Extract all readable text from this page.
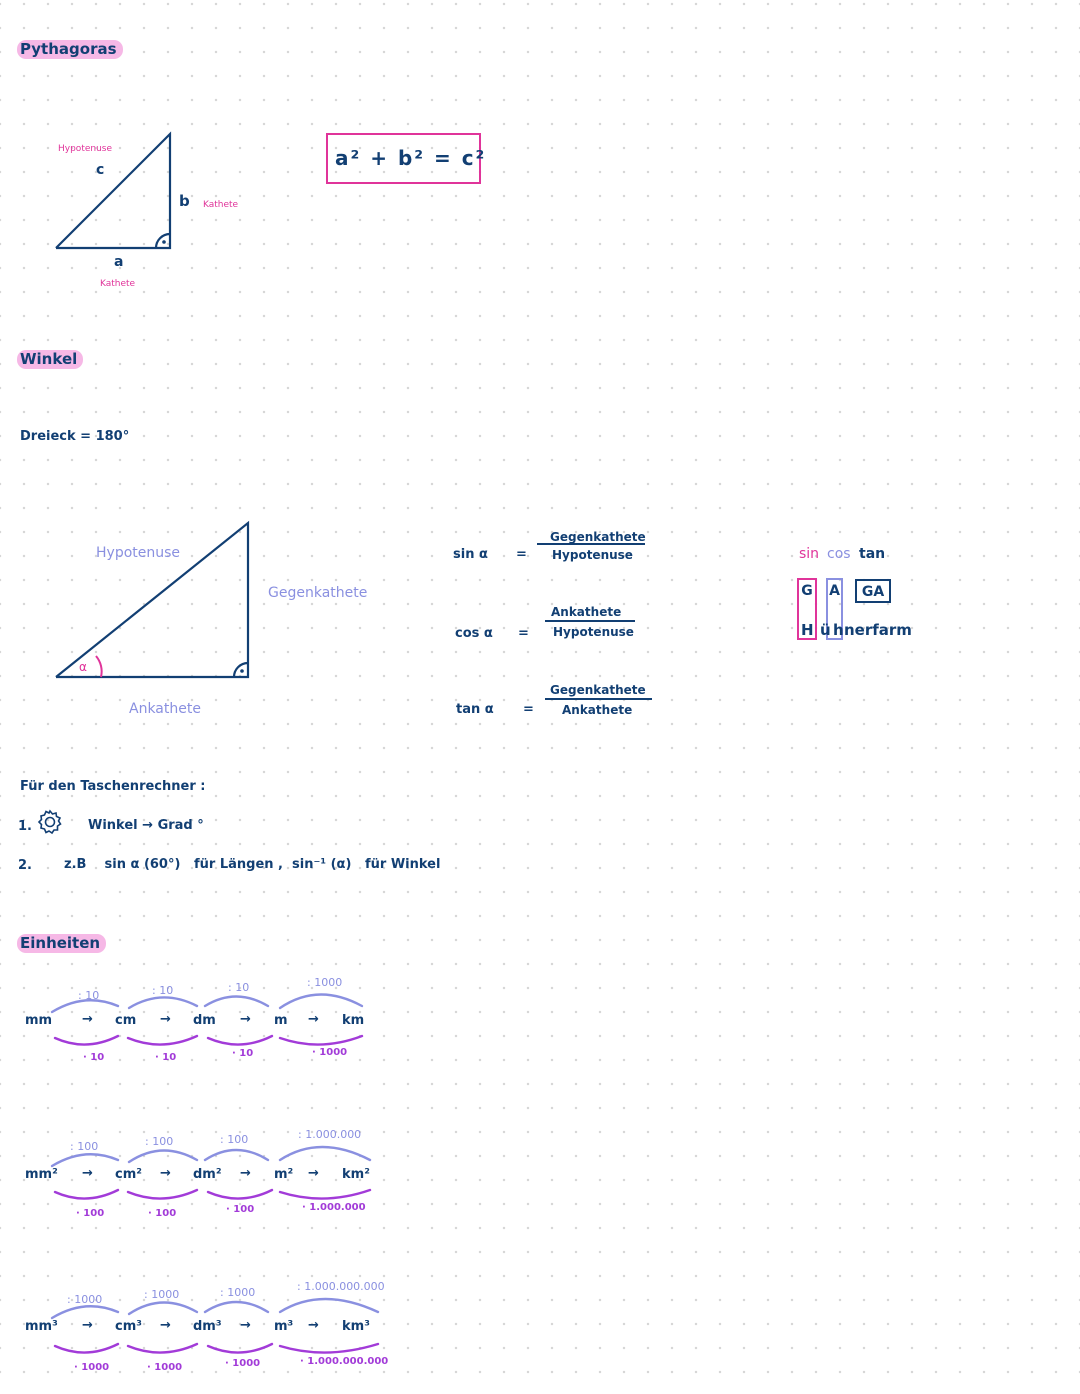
Pythagoras
Winkel
Einheiten
Hypotenuse
c
b Kathete
a
Kathete
a² + b² = c²
Dreieck = 180°
Hypotenuse
Gegenkathete
Ankathete
α
sin α =
Gegenkathete
Hypotenuse
cos α =
Ankathete
Hypotenuse
tan α =
Gegenkathete
Ankathete
sin cos tan
G	A	GA
H ü h nerfarm
Für den Taschenrechner :
1.	Winkel → Grad °
2. z.B    sin α (60°)   für Längen ,  sin⁻¹ (α)   für Winkel
mm → cm → dm → m → km
: 10	: 10	: 10	: 1000
· 10	· 10	· 10	· 1000
mm² → cm² → dm² → m² → km²
: 100	: 100	: 100	: 1.000.000
· 100	· 100	· 100	· 1.000.000
mm³ → cm³ → dm³ → m³ → km³
: 1000	: 1000	: 1000	: 1.000.000.000
· 1000	· 1000	· 1000	· 1.000.000.000
